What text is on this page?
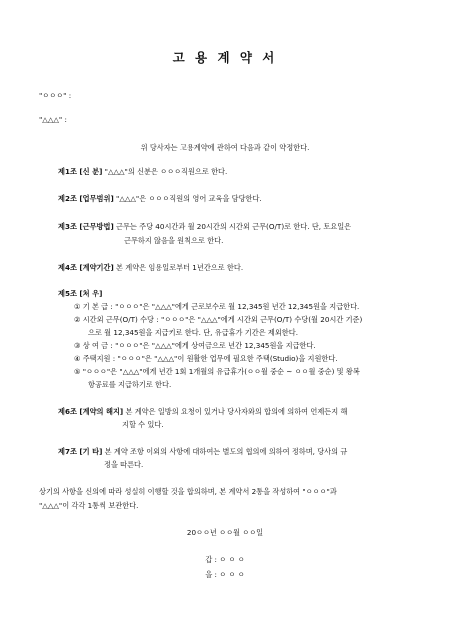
고 용 계 약 서
"ㅇㅇㅇ" :
"△△△" :
위 당사자는 고용계약에 관하여 다음과 같이 약정한다.
제1조 [신 분] "△△△"의 신분은 ㅇㅇㅇ직원으로 한다.
제2조 [업무범위] "△△△"은 ㅇㅇㅇ직원의 영어 교육을 담당한다.
제3조 [근무방법] 근무는 주당 40시간과 월 20시간의 시간외 근무(O/T)로 한다. 단, 토요일은
근무하지 않음을 원칙으로 한다.
제4조 [계약기간] 본 계약은 임용일로부터 1년간으로 한다.
제5조 [처 우]
① 기 본 급 : "ㅇㅇㅇ"은 "△△△"에게 근로보수로 월 12,345원 년간 12,345원을 지급한다.
② 시간외 근무(O/T) 수당 : "ㅇㅇㅇ"은 "△△△"에게 시간외 근무(O/T) 수당(월 20시간 기준)
으로 월 12,345원을 지급키로 한다. 단, 유급휴가 기간은 제외한다.
③ 상 여 금 : "ㅇㅇㅇ"은 "△△△"에게 상여금으로 년간 12,345원을 지급한다.
④ 주택지원 : "ㅇㅇㅇ"은 "△△△"이 원활한 업무에 필요한 주택(Studio)을 지원한다.
⑤ "ㅇㅇㅇ"은 "△△△"에게 년간 1회 1개월의 유급휴가(ㅇㅇ월 중순 ~ ㅇㅇ월 중순) 및 왕복
항공료를 지급하기로 한다.
제6조 [계약의 해지] 본 계약은 일방의 요청이 있거나 당사자와의 합의에 의하여 언제든지 해
지할 수 있다.
제7조 [기 타] 본 계약 조항 이외의 사항에 대하여는 별도의 협의에 의하여 정하며, 당사의 규
정을 따른다.
상기의 사항을 신의에 따라 성실히 이행할 것을 합의하며, 본 계약서 2통을 작성하여 "ㅇㅇㅇ"과
"△△△"이 각각 1통씩 보관한다.
20ㅇㅇ년 ㅇㅇ월 ㅇㅇ일
갑 : ㅇ ㅇ ㅇ
을 : ㅇ ㅇ ㅇ
